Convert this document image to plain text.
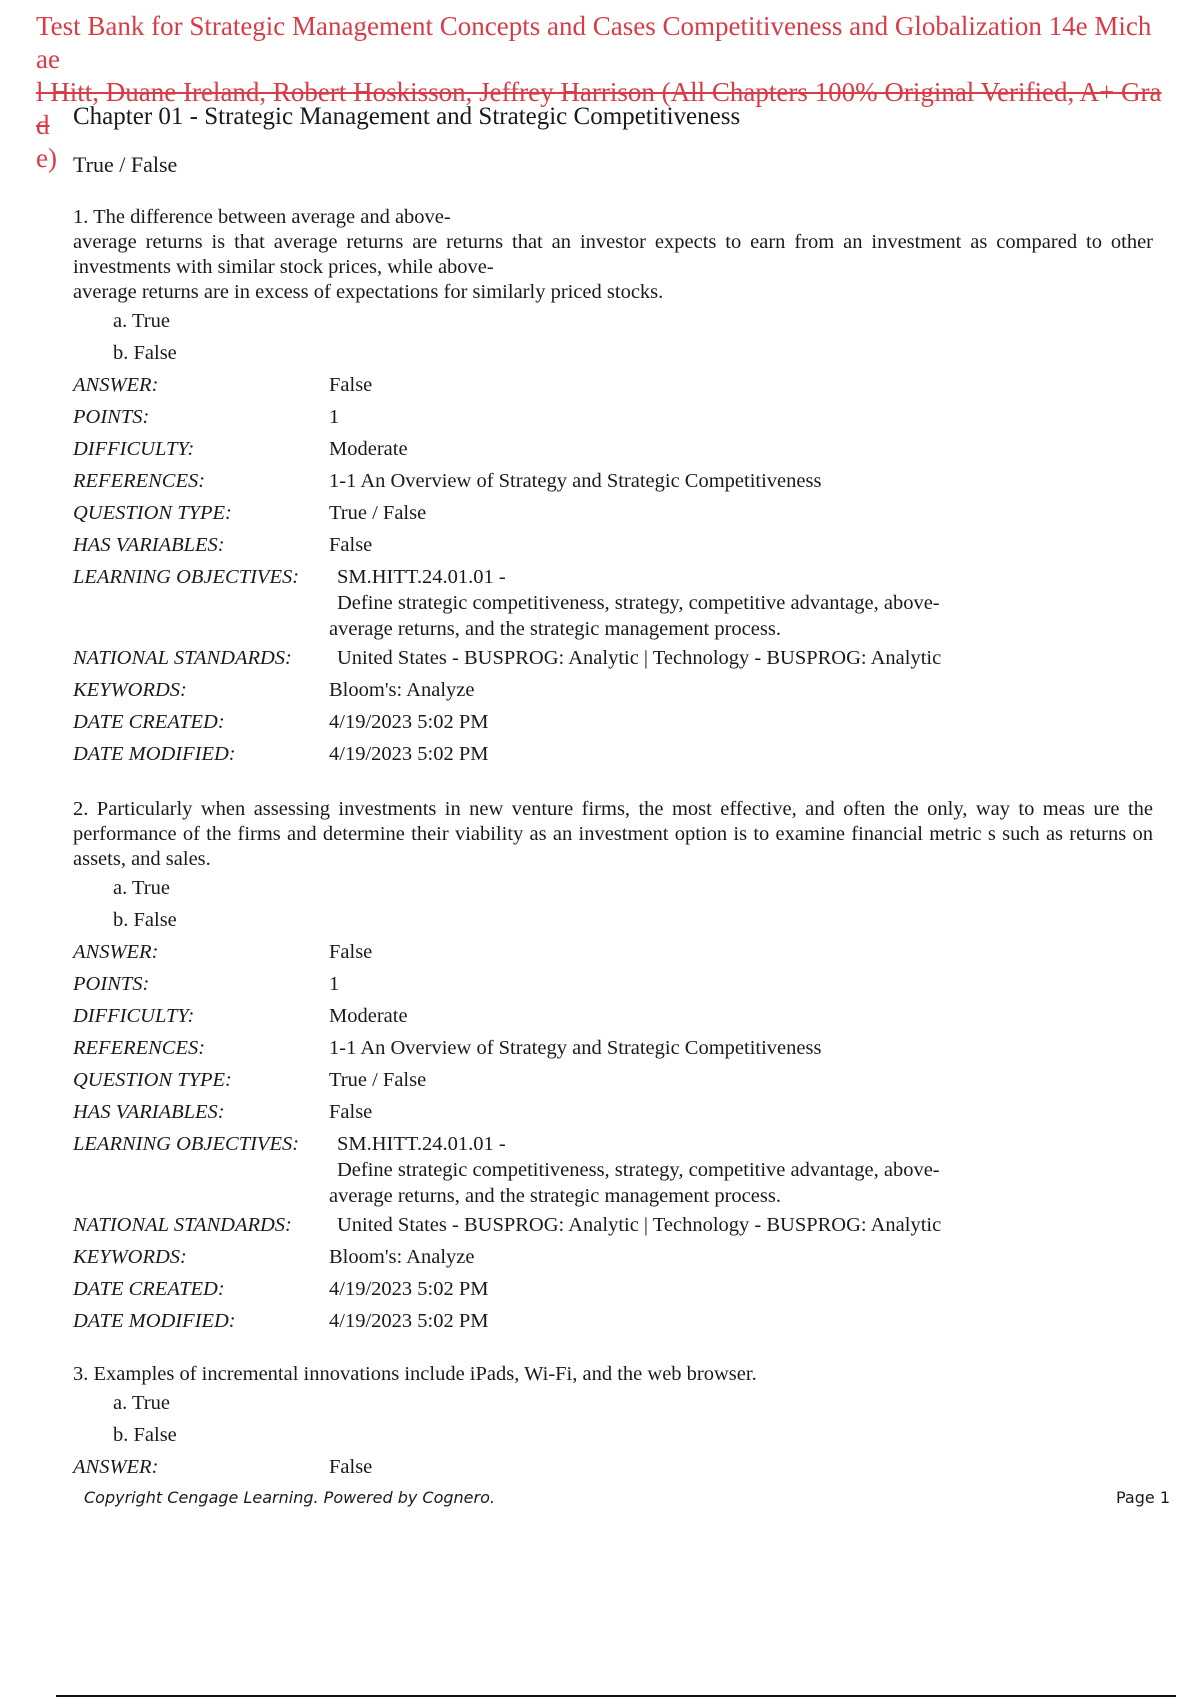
Test Bank for Strategic Management Concepts and Cases Competitiveness and Globalization 14e Michae
l Hitt, Duane Ireland, Robert Hoskisson, Jeffrey Harrison (All Chapters 100% Original Verified, A+ Grad
e)
Chapter 01 - Strategic Management and Strategic Competitiveness
True / False
1. The difference between average and above-
average returns is that average returns are returns that an investor expects to earn from an investment as compared to other investments with similar stock prices, while above-
average returns are in excess of expectations for similarly priced stocks.
a. True
b. False
ANSWER:	False
POINTS:	1
DIFFICULTY:	Moderate
REFERENCES:	1-1 An Overview of Strategy and Strategic Competitiveness
QUESTION TYPE:	True / False
HAS VARIABLES:	False
LEARNING OBJECTIVES:	SM.HITT.24.01.01 -
Define strategic competitiveness, strategy, competitive advantage, above-
average returns, and the strategic management process.
NATIONAL STANDARDS:	United States - BUSPROG: Analytic | Technology - BUSPROG: Analytic
KEYWORDS:	Bloom's: Analyze
DATE CREATED:	4/19/2023 5:02 PM
DATE MODIFIED:	4/19/2023 5:02 PM
2. Particularly when assessing investments in new venture firms, the most effective, and often the only, way to meas ure the performance of the firms and determine their viability as an investment option is to examine financial metric s such as returns on assets, and sales.
a. True
b. False
ANSWER:	False
POINTS:	1
DIFFICULTY:	Moderate
REFERENCES:	1-1 An Overview of Strategy and Strategic Competitiveness
QUESTION TYPE:	True / False
HAS VARIABLES:	False
LEARNING OBJECTIVES:	SM.HITT.24.01.01 -
Define strategic competitiveness, strategy, competitive advantage, above-
average returns, and the strategic management process.
NATIONAL STANDARDS:	United States - BUSPROG: Analytic | Technology - BUSPROG: Analytic
KEYWORDS:	Bloom's: Analyze
DATE CREATED:	4/19/2023 5:02 PM
DATE MODIFIED:	4/19/2023 5:02 PM
3. Examples of incremental innovations include iPads, Wi-Fi, and the web browser.
a. True
b. False
ANSWER:	False
Copyright Cengage Learning. Powered by Cognero.	Page 1
